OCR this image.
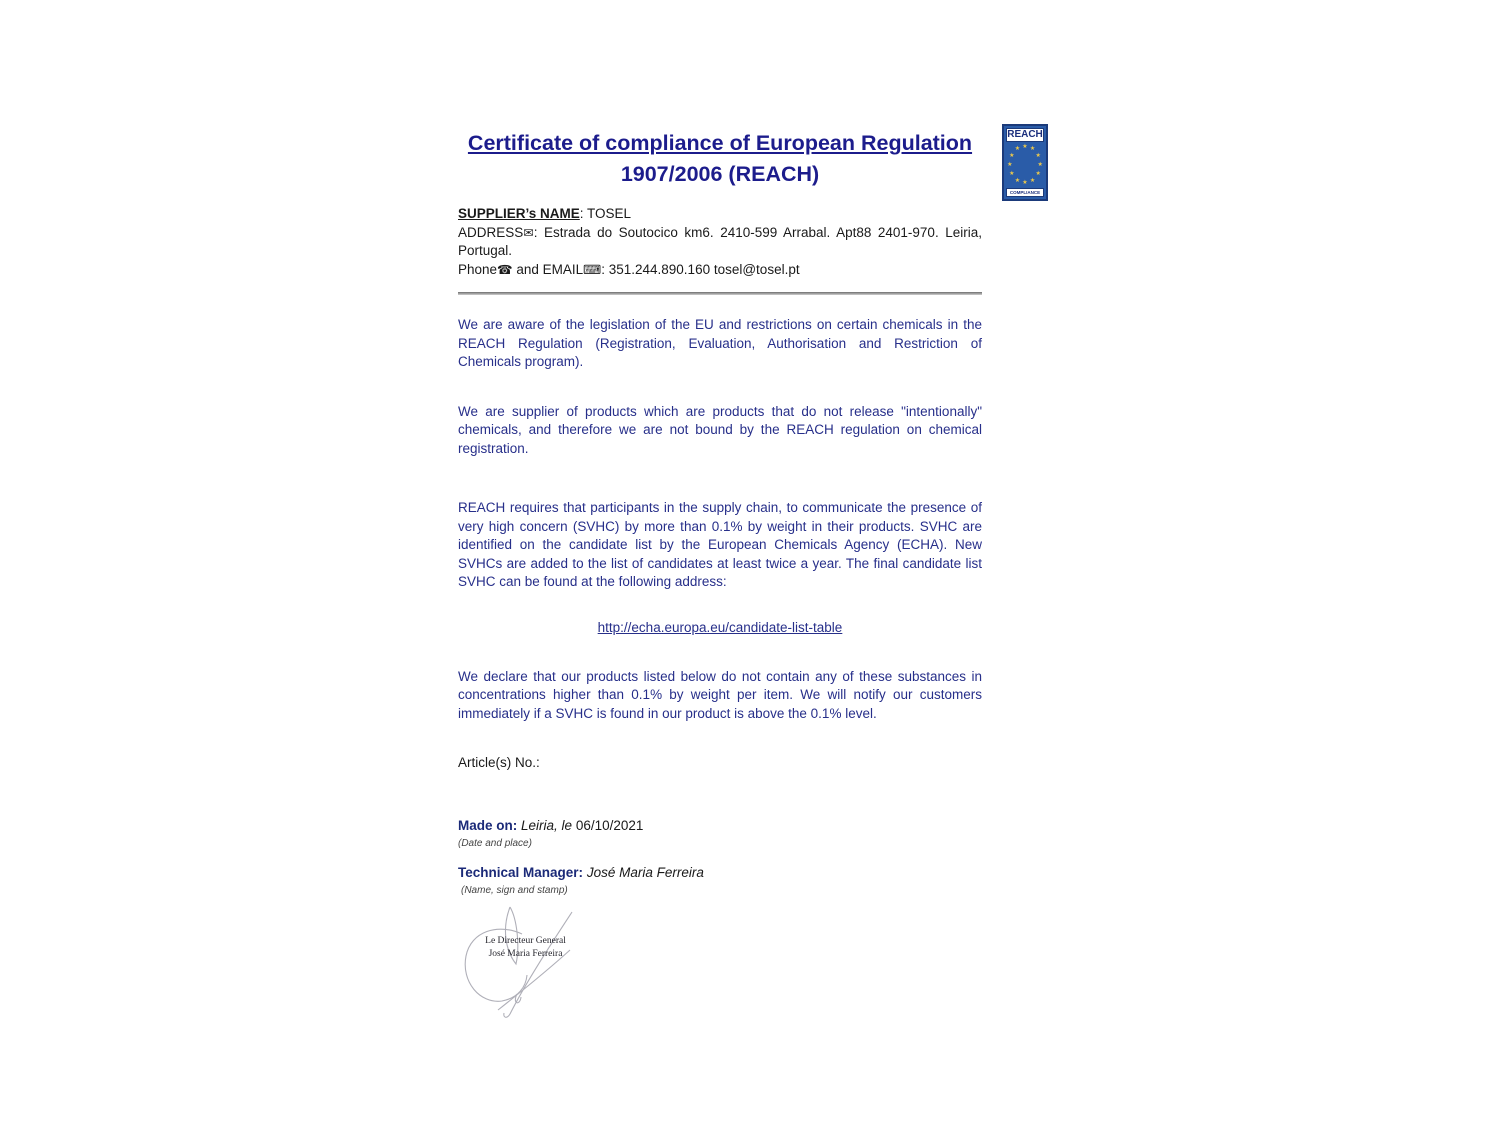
REACH
★ ★
★
★
★
★
★
★
★
★
★
★
COMPLIANCE
Certificate of compliance of European Regulation
1907/2006 (REACH)
SUPPLIER’s NAME: TOSEL
ADDRESS✉: Estrada do Soutocico km6. 2410-599 Arrabal. Apt88 2401-970. Leiria, Portugal.
Phone☎ and EMAIL⌨: 351.244.890.160 tosel@tosel.pt

We are aware of the legislation of the EU and restrictions on certain chemicals in the REACH Regulation (Registration, Evaluation, Authorisation and Restriction of Chemicals program).

We are supplier of products which are products that do not release "intentionally" chemicals, and therefore we are not bound by the REACH regulation on chemical registration.

REACH requires that participants in the supply chain, to communicate the presence of very high concern (SVHC) by more than 0.1% by weight in their products. SVHC are identified on the candidate list by the European Chemicals Agency (ECHA). New SVHCs are added to the list of candidates at least twice a year. The final candidate list SVHC can be found at the following address:

http://echa.europa.eu/candidate-list-table

We declare that our products listed below do not contain any of these substances in concentrations higher than 0.1% by weight per item. We will notify our customers immediately if a SVHC is found in our product is above the 0.1% level.

Article(s) No.:
Made on: Leiria, le 06/10/2021
(Date and place)
Technical Manager: José Maria Ferreira
(Name, sign and stamp)
Le Directeur General
José Maria Ferreira
